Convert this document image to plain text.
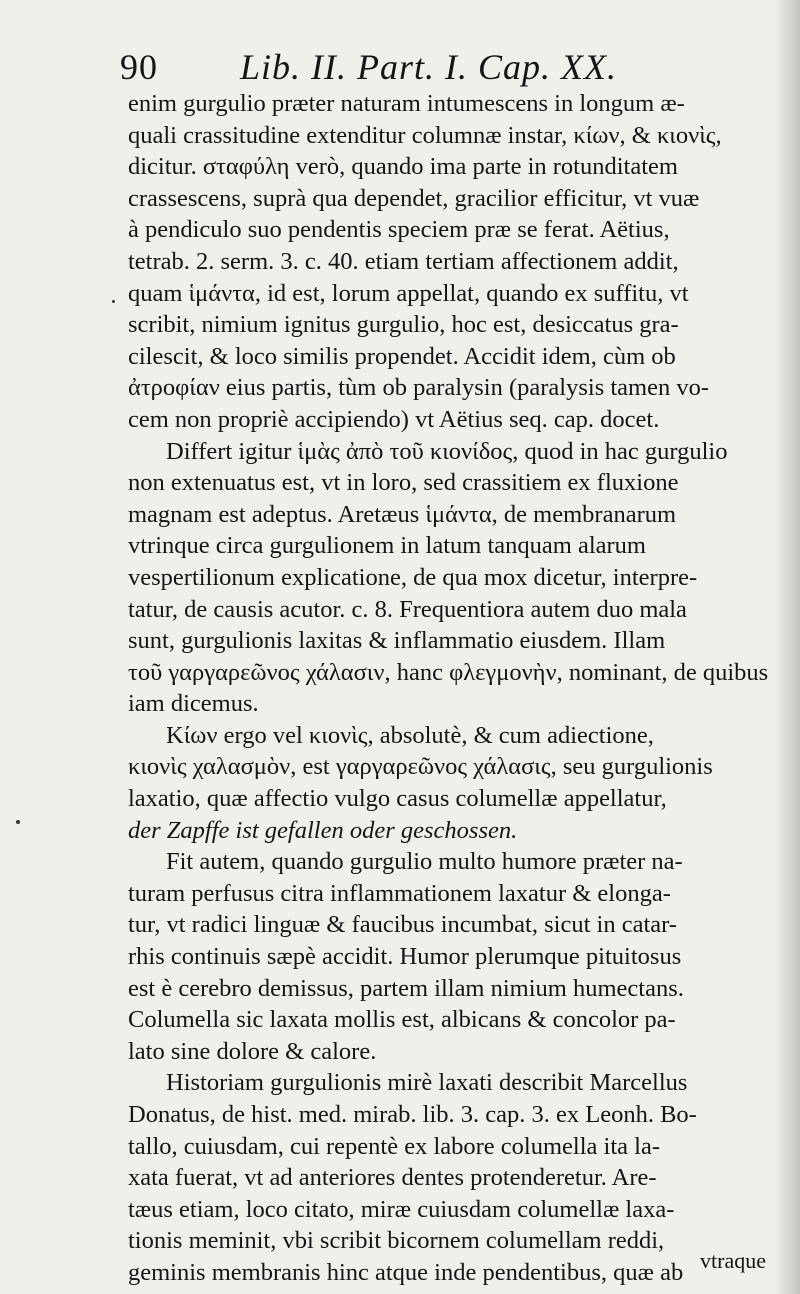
90 Lib. II. Part. I. Cap. XX.
enim gurgulio præter naturam intumescens in longum æ-
quali crassitudine extenditur columnæ instar, κίων, & κιονὶς,
dicitur. σταφύλη verò, quando ima parte in rotunditatem
crassescens, suprà qua dependet, gracilior efficitur, vt vuæ
à pendiculo suo pendentis speciem præ se ferat. Aëtius,
tetrab. 2. serm. 3. c. 40. etiam tertiam affectionem addit,
quam ἱμάντα, id est, lorum appellat, quando ex suffitu, vt
scribit, nimium ignitus gurgulio, hoc est, desiccatus gra-
cilescit, & loco similis propendet. Accidit idem, cùm ob
ἀτροφίαν eius partis, tùm ob paralysin (paralysis tamen vo-
cem non propriè accipiendo) vt Aëtius seq. cap. docet.
Differt igitur ἱμὰς ἀπὸ τοῦ κιονίδος, quod in hac gurgulio
non extenuatus est, vt in loro, sed crassitiem ex fluxione
magnam est adeptus. Aretæus ἱμάντα, de membranarum
vtrinque circa gurgulionem in latum tanquam alarum
vespertilionum explicatione, de qua mox dicetur, interpre-
tatur, de causis acutor. c. 8. Frequentiora autem duo mala
sunt, gurgulionis laxitas & inflammatio eiusdem. Illam
τοῦ γαργαρεῶνος χάλασιν, hanc φλεγμονὴν, nominant, de quibus
iam dicemus.
Κίων ergo vel κιονὶς, absolutè, & cum adiectione,
κιονὶς χαλασμὸν, est γαργαρεῶνος χάλασις, seu gurgulionis
laxatio, quæ affectio vulgo casus columellæ appellatur,
der Zapffe ist gefallen oder geschossen.
Fit autem, quando gurgulio multo humore præter na-
turam perfusus citra inflammationem laxatur & elonga-
tur, vt radici linguæ & faucibus incumbat, sicut in catar-
rhis continuis sæpè accidit. Humor plerumque pituitosus
est è cerebro demissus, partem illam nimium humectans.
Columella sic laxata mollis est, albicans & concolor pa-
lato sine dolore & calore.
Historiam gurgulionis mirè laxati describit Marcellus
Donatus, de hist. med. mirab. lib. 3. cap. 3. ex Leonh. Bo-
tallo, cuiusdam, cui repentè ex labore columella ita la-
xata fuerat, vt ad anteriores dentes protenderetur. Are-
tæus etiam, loco citato, miræ cuiusdam columellæ laxa-
tionis meminit, vbi scribit bicornem columellam reddi,
geminis membranis hinc atque inde pendentibus, quæ ab vtraque
